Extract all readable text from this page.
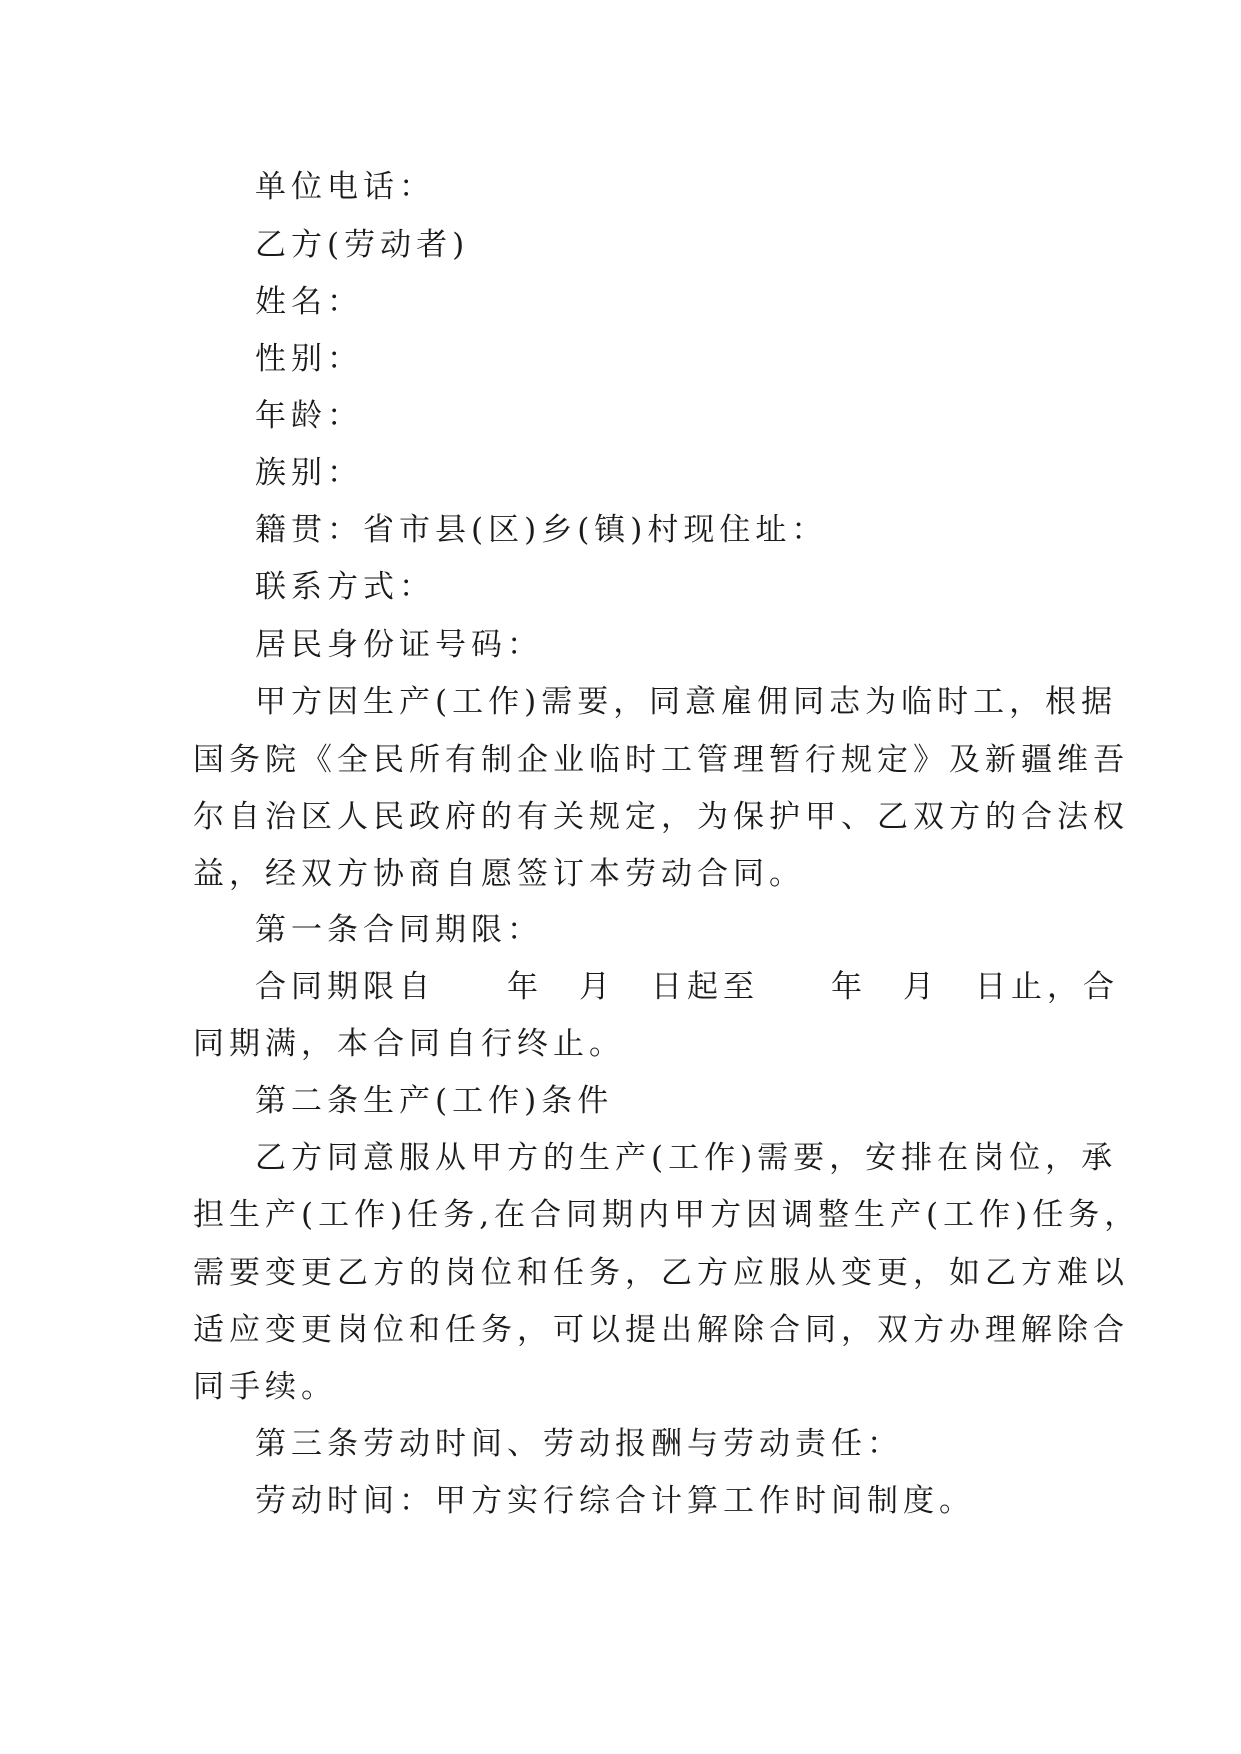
单位电话：
乙方(劳动者)
姓名：
性别：
年龄：
族别：
籍贯：省市县(区)乡(镇)村现住址：
联系方式：
居民身份证号码：
甲方因生产(工作)需要，同意雇佣同志为临时工，根据
国务院《全民所有制企业临时工管理暂行规定》及新疆维吾
尔自治区人民政府的有关规定，为保护甲、乙双方的合法权
益，经双方协商自愿签订本劳动合同。
第一条合同期限：
合同期限自　　年　月　日起至　　年　月　日止，合
同期满，本合同自行终止。
第二条生产(工作)条件
乙方同意服从甲方的生产(工作)需要，安排在岗位，承
担生产(工作)任务,在合同期内甲方因调整生产(工作)任务，
需要变更乙方的岗位和任务，乙方应服从变更，如乙方难以
适应变更岗位和任务，可以提出解除合同，双方办理解除合
同手续。
第三条劳动时间、劳动报酬与劳动责任：
劳动时间：甲方实行综合计算工作时间制度。
